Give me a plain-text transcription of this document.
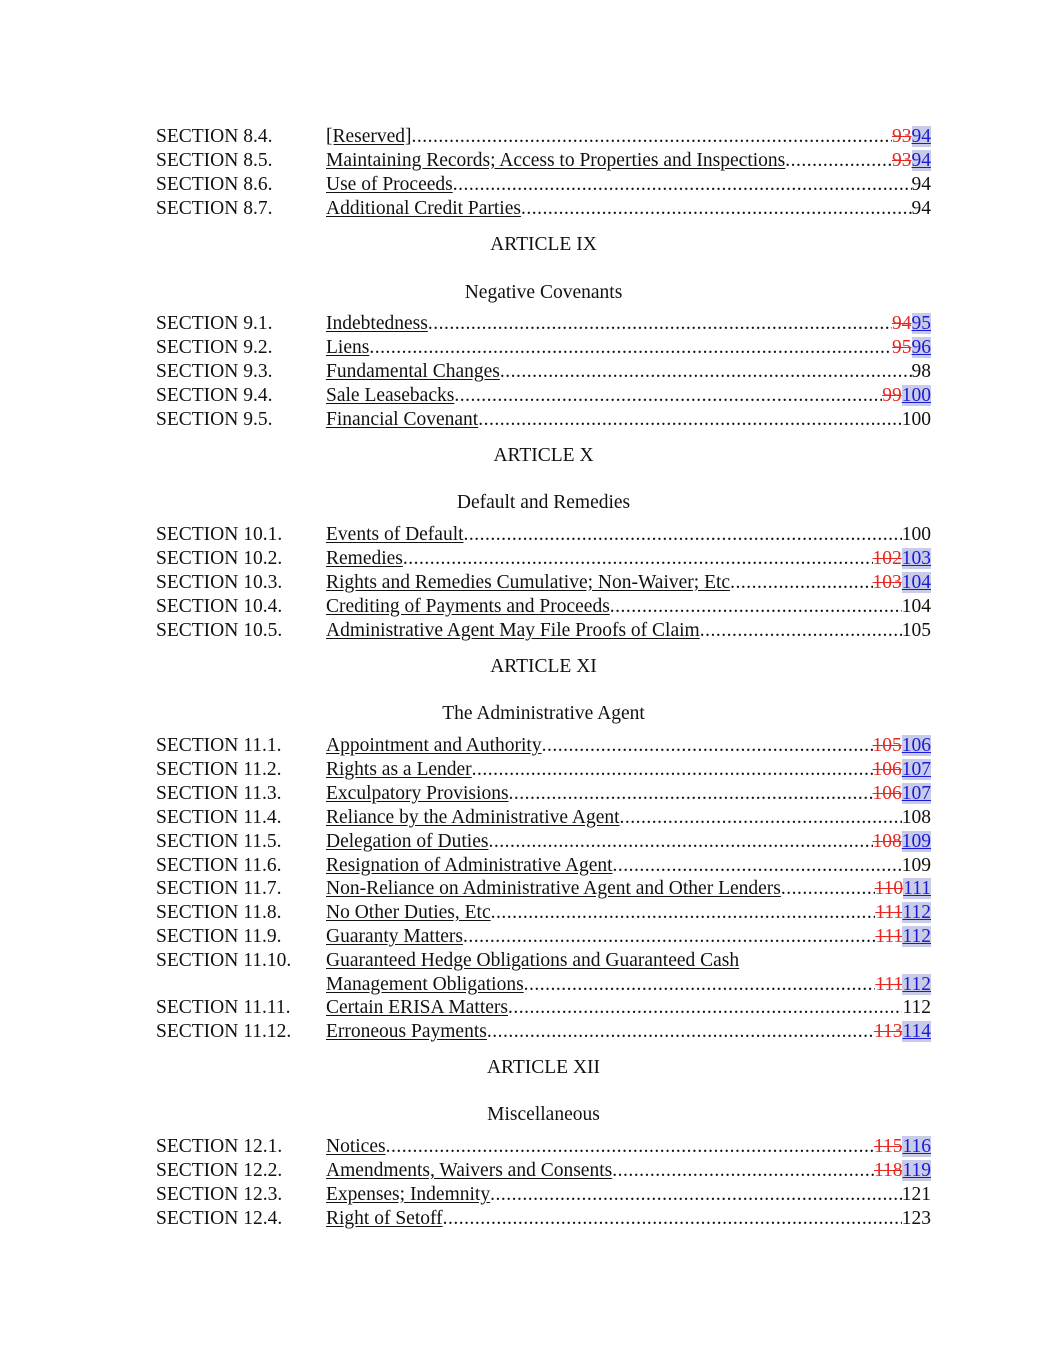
SECTION 8.4.	[Reserved] .....	9394
SECTION 8.5.	Maintaining Records; Access to Properties and Inspections .....	9394
SECTION 8.6.	Use of Proceeds .....	94
SECTION 8.7.	Additional Credit Parties .....	94
ARTICLE IX
Negative Covenants
SECTION 9.1.	Indebtedness .....	9495
SECTION 9.2.	Liens .....	9596
SECTION 9.3.	Fundamental Changes .....	98
SECTION 9.4.	Sale Leasebacks .....	99100
SECTION 9.5.	Financial Covenant .....	100
ARTICLE X
Default and Remedies
SECTION 10.1. Events of Default .....	100
SECTION 10.2. Remedies .....	102103
SECTION 10.3. Rights and Remedies Cumulative; Non-Waiver; Etc .....	103104
SECTION 10.4. Crediting of Payments and Proceeds .....	104
SECTION 10.5. Administrative Agent May File Proofs of Claim .....	105
ARTICLE XI
The Administrative Agent
SECTION 11.1. Appointment and Authority .....	105106
SECTION 11.2. Rights as a Lender .....	106107
SECTION 11.3. Exculpatory Provisions .....	106107
SECTION 11.4. Reliance by the Administrative Agent .....	108
SECTION 11.5. Delegation of Duties .....	108109
SECTION 11.6. Resignation of Administrative Agent .....	109
SECTION 11.7. Non-Reliance on Administrative Agent and Other Lenders .....	110111
SECTION 11.8. No Other Duties, Etc .....	111112
SECTION 11.9. Guaranty Matters .....	111112
SECTION 11.10. Guaranteed Hedge Obligations and Guaranteed Cash
Management Obligations .....	111112
SECTION 11.11. Certain ERISA Matters .....	112
SECTION 11.12. Erroneous Payments .....	113114
ARTICLE XII
Miscellaneous
SECTION 12.1. Notices .....	115116
SECTION 12.2. Amendments, Waivers and Consents .....	118119
SECTION 12.3. Expenses; Indemnity .....	121
SECTION 12.4. Right of Setoff .....	123
